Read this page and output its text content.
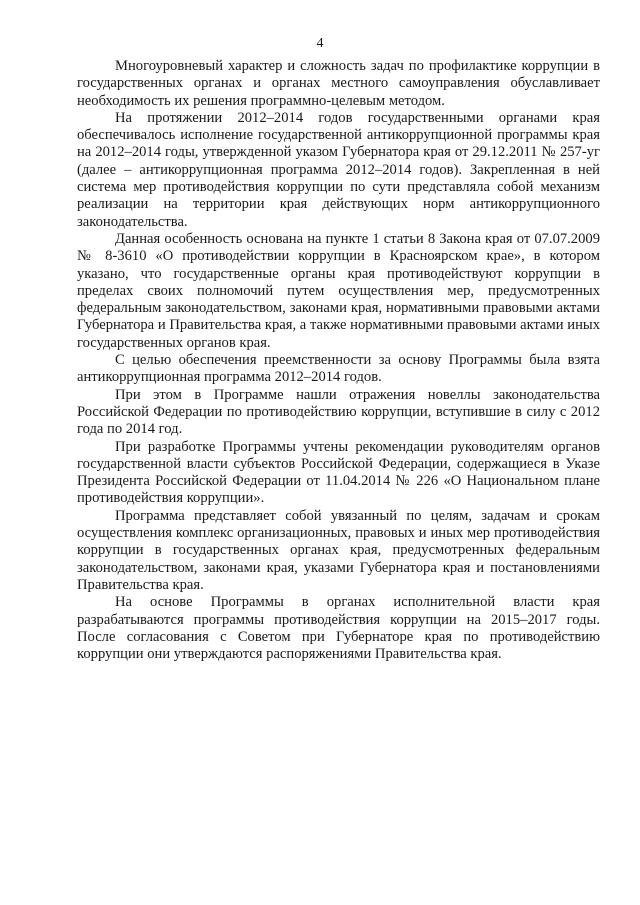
4

Многоуровневый характер и сложность задач по профилактике коррупции в государственных органах и органах местного самоуправления обуславливает необходимость их решения программно-целевым методом.

На протяжении 2012–2014 годов государственными органами края обеспечивалось исполнение государственной антикоррупционной программы края на 2012–2014 годы, утвержденной указом Губернатора края от 29.12.2011 № 257-уг (далее – антикоррупционная программа 2012–2014 годов). Закрепленная в ней система мер противодействия коррупции по сути представляла собой механизм реализации на территории края действующих норм антикоррупционного законодательства.

Данная особенность основана на пункте 1 статьи 8 Закона края от 07.07.2009 № 8-3610 «О противодействии коррупции в Красноярском крае», в котором указано, что государственные органы края противодействуют коррупции в пределах своих полномочий путем осуществления мер, предусмотренных федеральным законодательством, законами края, нормативными правовыми актами Губернатора и Правительства края, а также нормативными правовыми актами иных государственных органов края.

С целью обеспечения преемственности за основу Программы была взята антикоррупционная программа 2012–2014 годов.

При этом в Программе нашли отражения новеллы законодательства Российской Федерации по противодействию коррупции, вступившие в силу с 2012 года по 2014 год.

При разработке Программы учтены рекомендации руководителям органов государственной власти субъектов Российской Федерации, содержащиеся в Указе Президента Российской Федерации от 11.04.2014 № 226 «О Национальном плане противодействия коррупции».

Программа представляет собой увязанный по целям, задачам и срокам осуществления комплекс организационных, правовых и иных мер противодействия коррупции в государственных органах края, предусмотренных федеральным законодательством, законами края, указами Губернатора края и постановлениями Правительства края.

На основе Программы в органах исполнительной власти края разрабатываются программы противодействия коррупции на 2015–2017 годы. После согласования с Советом при Губернаторе края по противодействию коррупции они утверждаются распоряжениями Правительства края.
